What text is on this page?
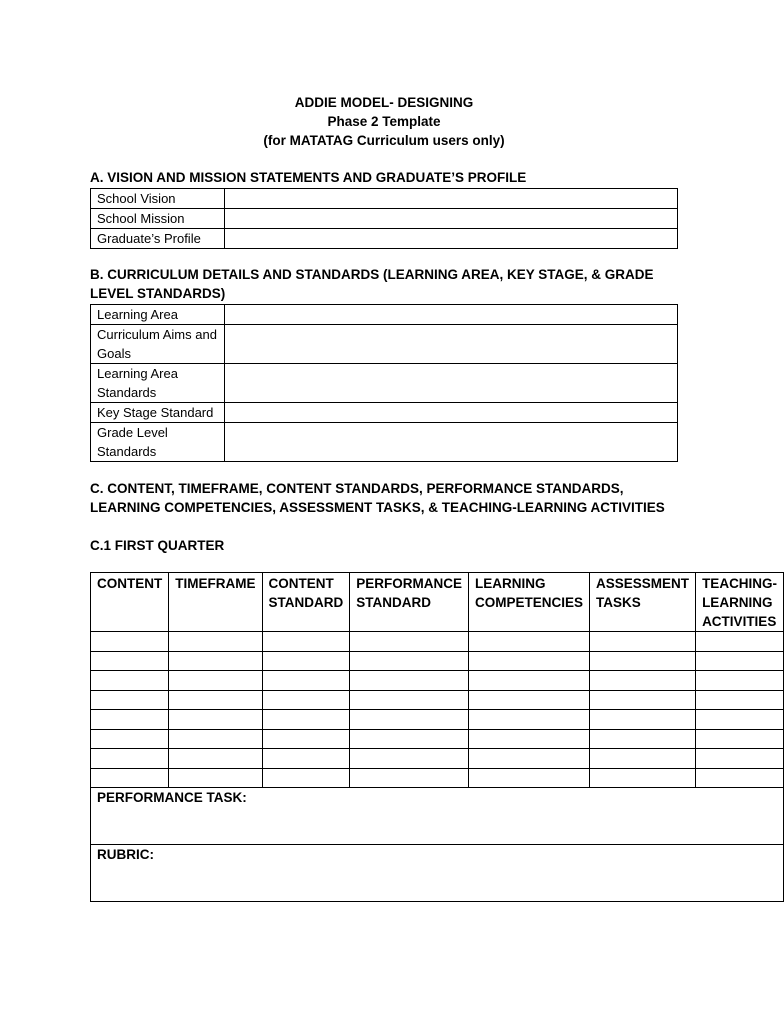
ADDIE MODEL- DESIGNING
Phase 2 Template
(for MATATAG Curriculum users only)
A. VISION AND MISSION STATEMENTS AND GRADUATE’S PROFILE
School Vision	
School Mission	
Graduate’s Profile	
B. CURRICULUM DETAILS AND STANDARDS (LEARNING AREA, KEY STAGE, & GRADE LEVEL STANDARDS)
Learning Area	
Curriculum Aims and Goals	
Learning Area Standards	
Key Stage Standard	
Grade Level Standards	
C. CONTENT, TIMEFRAME, CONTENT STANDARDS, PERFORMANCE STANDARDS, LEARNING COMPETENCIES, ASSESSMENT TASKS, & TEACHING-LEARNING ACTIVITIES
C.1 FIRST QUARTER
CONTENT	TIMEFRAME	CONTENT STANDARD	PERFORMANCE STANDARD	LEARNING COMPETENCIES	ASSESSMENT TASKS	TEACHING-LEARNING ACTIVITIES

PERFORMANCE TASK:						
RUBRIC:						
